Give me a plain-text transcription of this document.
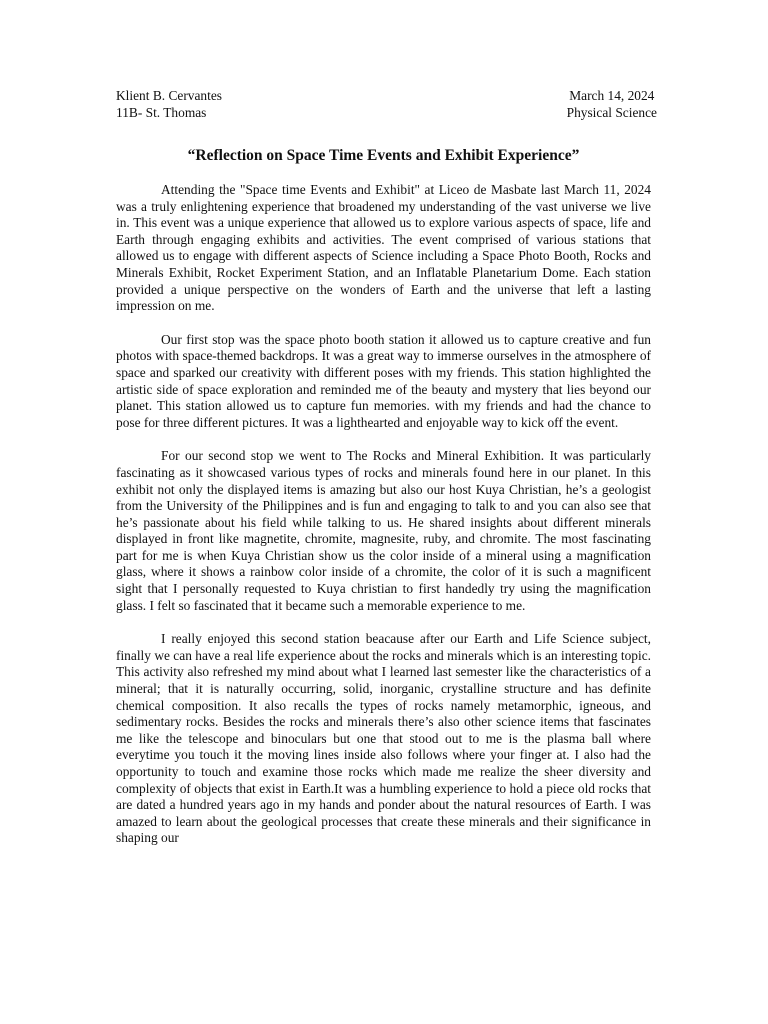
Klient B. Cervantes
11B- St. Thomas
March 14, 2024
Physical Science
“Reflection on Space Time Events and Exhibit Experience”

Attending the "Space time Events and Exhibit" at Liceo de Masbate last March 11, 2024 was a truly enlightening experience that broadened my understanding of the vast universe we live in. This event was a unique experience that allowed us to explore various aspects of space, life and Earth through engaging exhibits and activities. The event comprised of various stations that allowed us to engage with different aspects of Science including a Space Photo Booth, Rocks and Minerals Exhibit, Rocket Experiment Station, and an Inflatable Planetarium Dome. Each station provided a unique perspective on the wonders of Earth and the universe that left a lasting impression on me.

Our first stop was the space photo booth station it allowed us to capture creative and fun photos with space-themed backdrops. It was a great way to immerse ourselves in the atmosphere of space and sparked our creativity with different poses with my friends. This station highlighted the artistic side of space exploration and reminded me of the beauty and mystery that lies beyond our planet. This station allowed us to capture fun memories. with my friends and had the chance to pose for three different pictures. It was a lighthearted and enjoyable way to kick off the event.

For our second stop we went to The Rocks and Mineral Exhibition. It was particularly fascinating as it showcased various types of rocks and minerals found here in our planet. In this exhibit not only the displayed items is amazing but also our host Kuya Christian, he’s a geologist from the University of the Philippines and is fun and engaging to talk to and you can also see that he’s passionate about his field while talking to us. He shared insights about different minerals displayed in front like magnetite, chromite, magnesite, ruby, and chromite. The most fascinating part for me is when Kuya Christian show us the color inside of a mineral using a magnification glass, where it shows a rainbow color inside of a chromite, the color of it is such a magnificent sight that I personally requested to Kuya christian to first handedly try using the magnification glass. I felt so fascinated that it became such a memorable experience to me.

I really enjoyed this second station beacause after our Earth and Life Science subject, finally we can have a real life experience about the rocks and minerals which is an interesting topic. This activity also refreshed my mind about what I learned last semester like the characteristics of a mineral; that it is naturally occurring, solid, inorganic, crystalline structure and has definite chemical composition. It also recalls the types of rocks namely metamorphic, igneous, and sedimentary rocks. Besides the rocks and minerals there’s also other science items that fascinates me like the telescope and binoculars but one that stood out to me is the plasma ball where everytime you touch it the moving lines inside also follows where your finger at. I also had the opportunity to touch and examine those rocks which made me realize the sheer diversity and complexity of objects that exist in Earth.It was a humbling experience to hold a piece old rocks that are dated a hundred years ago in my hands and ponder about the natural resources of Earth. I was amazed to learn about the geological processes that create these minerals and their significance in shaping our
